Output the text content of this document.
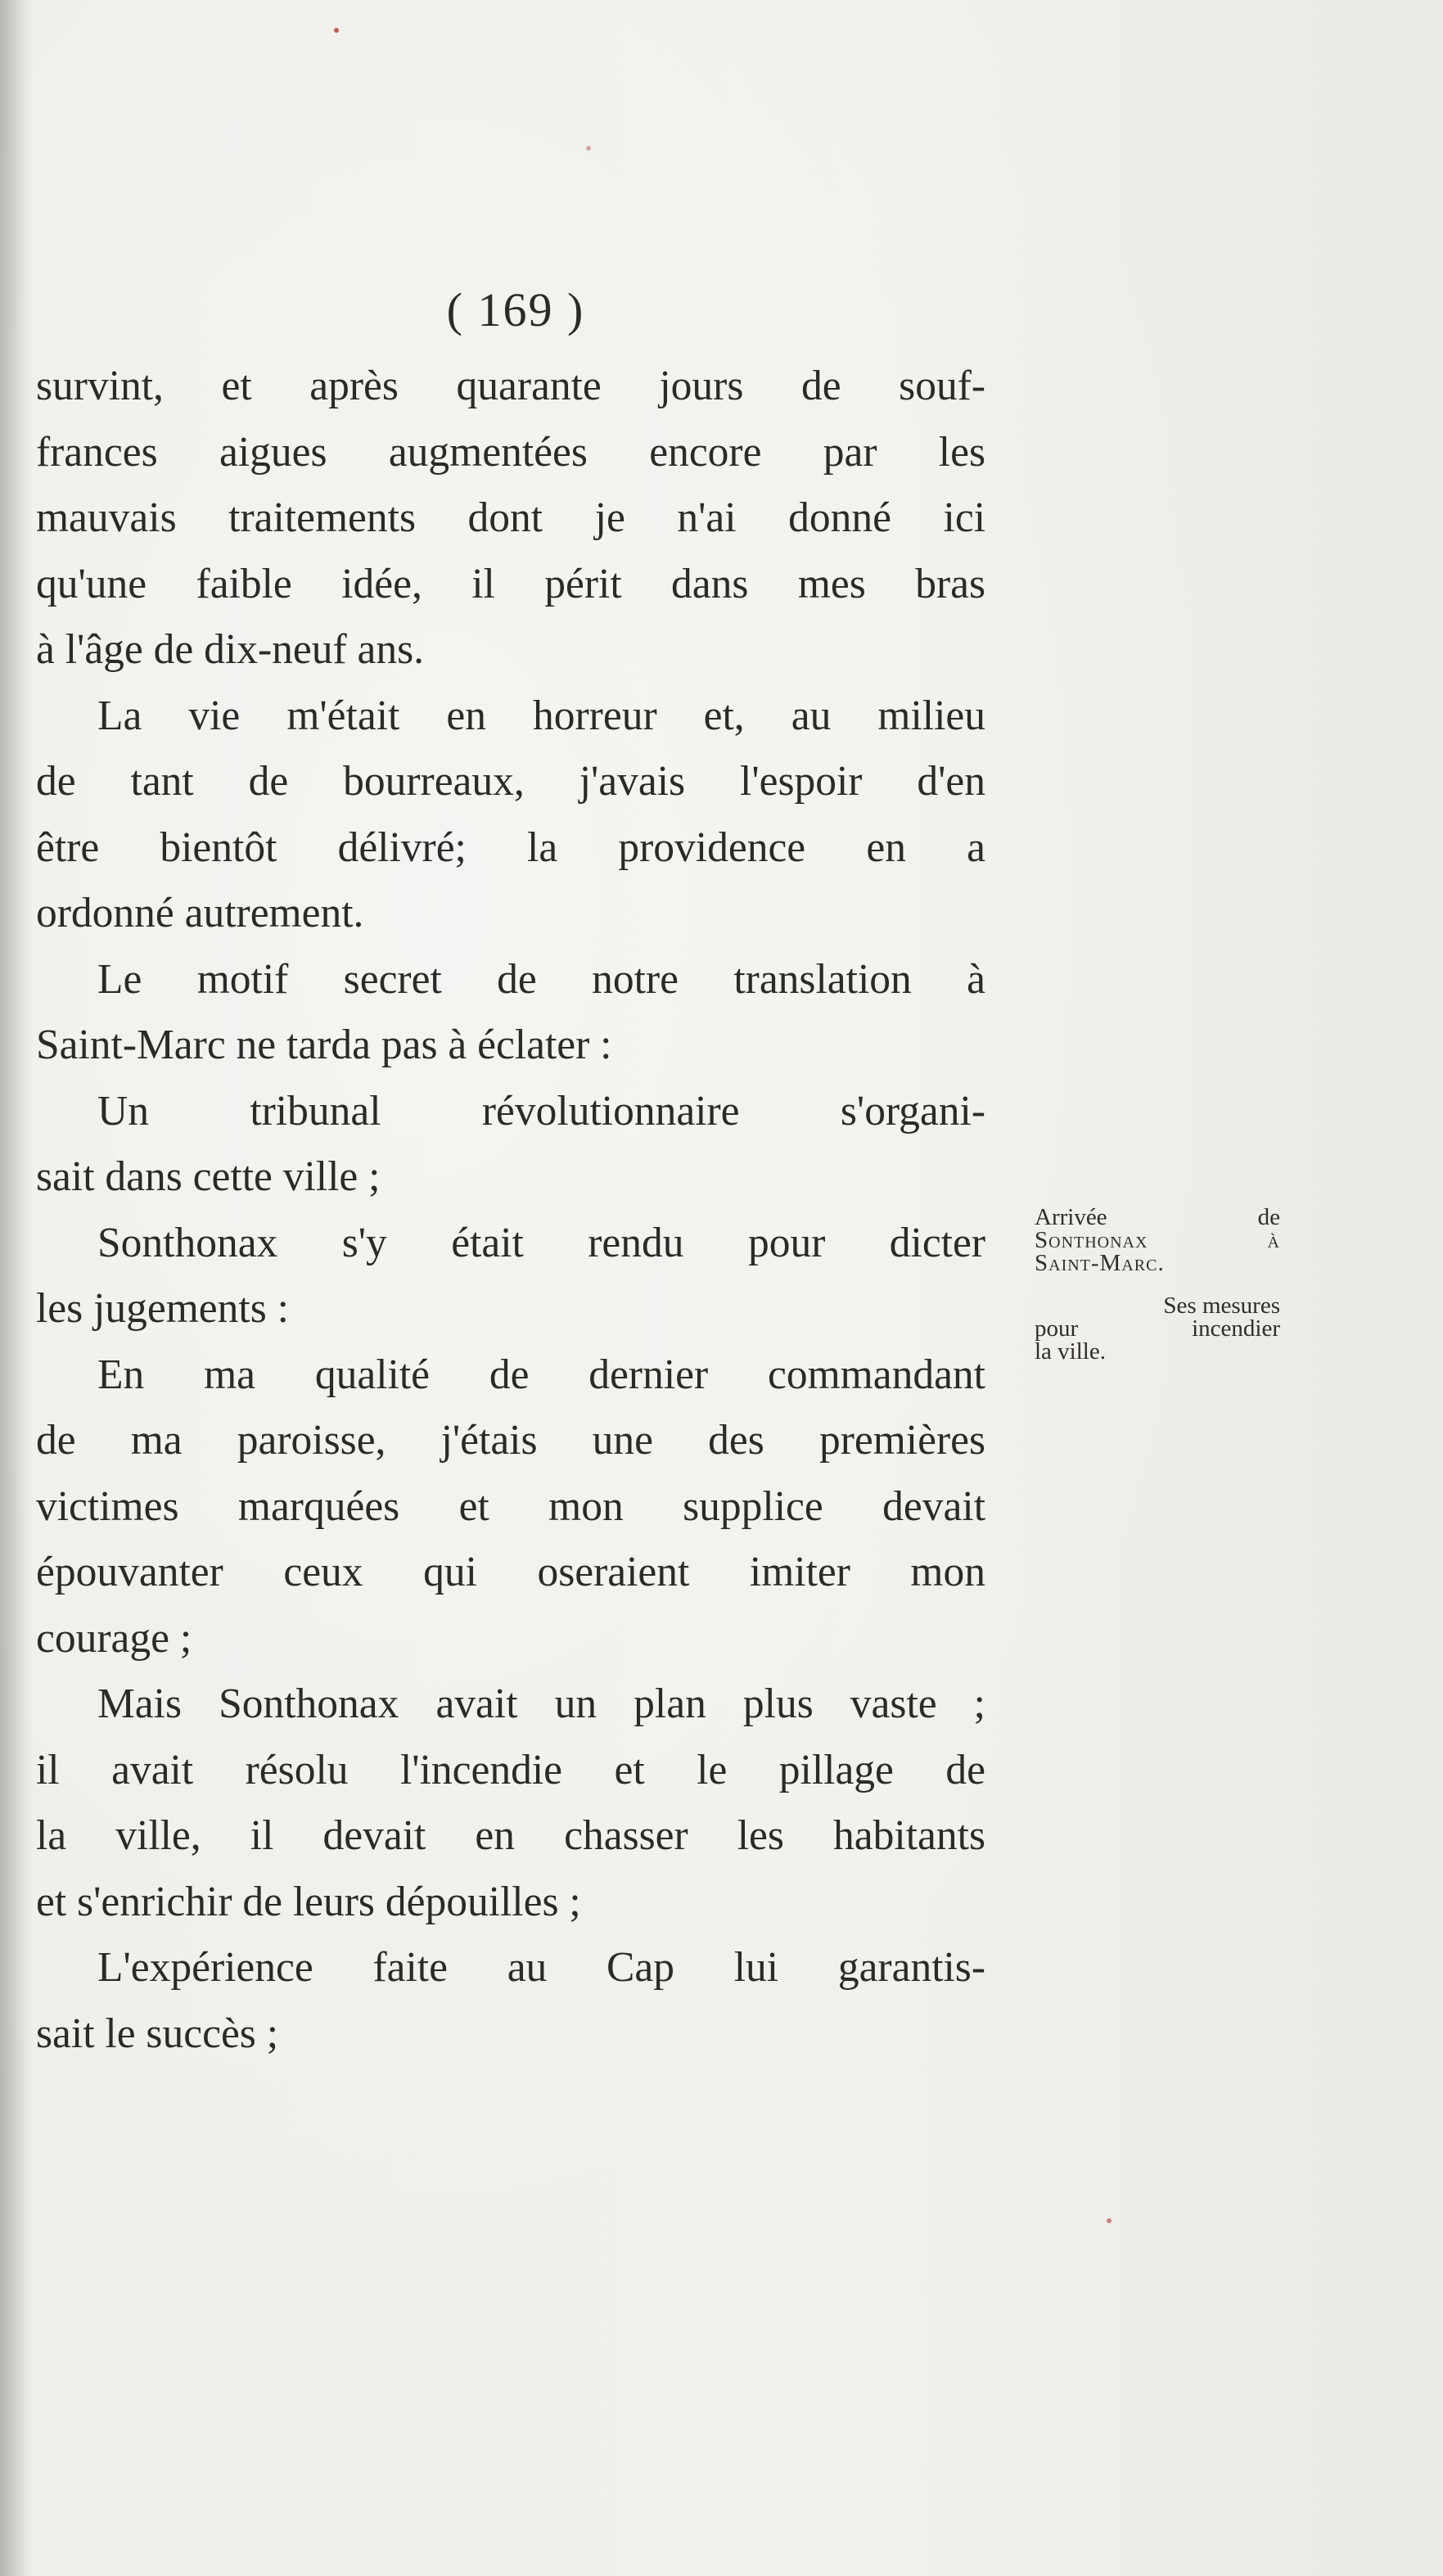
( 169 )
survint, et après quarante jours de souf-
frances aigues augmentées encore par les
mauvais traitements dont je n'ai donné ici
qu'une faible idée, il périt dans mes bras
à l'âge de dix-neuf ans.
La vie m'était en horreur et, au milieu
de tant de bourreaux, j'avais l'espoir d'en
être bientôt délivré; la providence en a
ordonné autrement.
Le motif secret de notre translation à
Saint-Marc ne tarda pas à éclater :
Un tribunal révolutionnaire s'organi-
sait dans cette ville ;
Sonthonax s'y était rendu pour dicter
les jugements :
En ma qualité de dernier commandant
de ma paroisse, j'étais une des premières
victimes marquées et mon supplice devait
épouvanter ceux qui oseraient imiter mon
courage ;
Mais Sonthonax avait un plan plus vaste ;
il avait résolu l'incendie et le pillage de
la ville, il devait en chasser les habitants
et s'enrichir de leurs dépouilles ;
L'expérience faite au Cap lui garantis-
sait le succès ;
Arrivée de
Sonthonax à
Saint-Marc.
Ses mesures
pour incendier
la ville.
